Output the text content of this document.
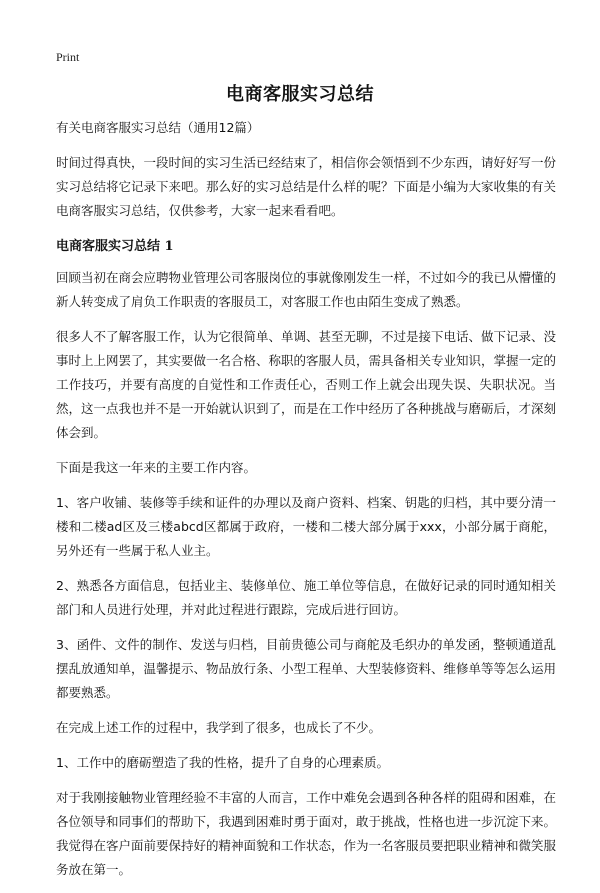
Print
电商客服实习总结

有关电商客服实习总结（通用12篇）

时间过得真快，一段时间的实习生活已经结束了，相信你会领悟到不少东西，请好好写一份实习总结将它记录下来吧。那么好的实习总结是什么样的呢？下面是小编为大家收集的有关电商客服实习总结，仅供参考，大家一起来看看吧。

电商客服实习总结 1

回顾当初在商会应聘物业管理公司客服岗位的事就像刚发生一样，不过如今的我已从懵懂的新人转变成了肩负工作职责的客服员工，对客服工作也由陌生变成了熟悉。

很多人不了解客服工作，认为它很简单、单调、甚至无聊，不过是接下电话、做下记录、没事时上上网罢了，其实要做一名合格、称职的客服人员，需具备相关专业知识，掌握一定的工作技巧，并要有高度的自觉性和工作责任心，否则工作上就会出现失误、失职状况。当然，这一点我也并不是一开始就认识到了，而是在工作中经历了各种挑战与磨砺后，才深刻体会到。

下面是我这一年来的主要工作内容。

1、客户收铺、装修等手续和证件的办理以及商户资料、档案、钥匙的归档，其中要分清一楼和二楼ad区及三楼abcd区都属于政府，一楼和二楼大部分属于xxx，小部分属于商舵，另外还有一些属于私人业主。

2、熟悉各方面信息，包括业主、装修单位、施工单位等信息，在做好记录的同时通知相关部门和人员进行处理，并对此过程进行跟踪，完成后进行回访。

3、函件、文件的制作、发送与归档，目前贵德公司与商舵及毛织办的单发函，整顿通道乱摆乱放通知单，温馨提示、物品放行条、小型工程单、大型装修资料、维修单等等怎么运用都要熟悉。

在完成上述工作的过程中，我学到了很多，也成长了不少。

1、工作中的磨砺塑造了我的性格，提升了自身的心理素质。

对于我刚接触物业管理经验不丰富的人而言，工作中难免会遇到各种各样的阻碍和困难，在各位领导和同事们的帮助下，我遇到困难时勇于面对，敢于挑战，性格也进一步沉淀下来。我觉得在客户面前要保持好的精神面貌和工作状态，作为一名客服员要把职业精神和微笑服务放在第一。
